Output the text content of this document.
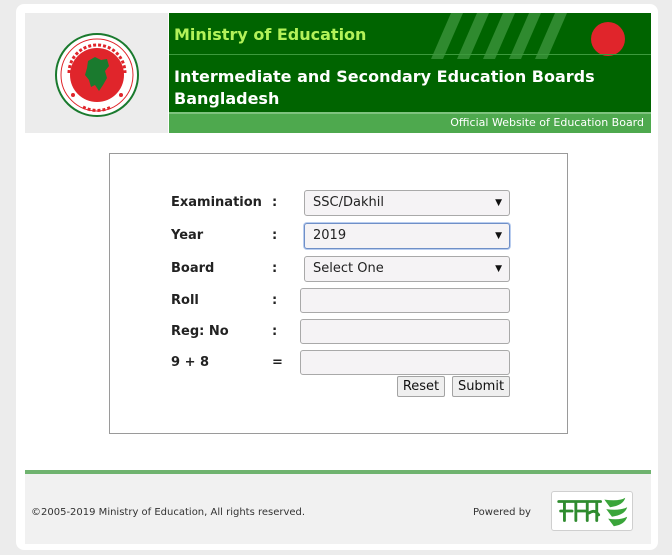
Ministry of Education
Intermediate and Secondary Education Boards Bangladesh
Official Website of Education Board
Examination :	SSC/Dakhil	▼
Year	:	2019	▼
Board	:	Select One	▼
Roll	:
Reg: No	:
9 + 8	=
Reset	Submit
©2005-2019 Ministry of Education, All rights reserved.	Powered by
